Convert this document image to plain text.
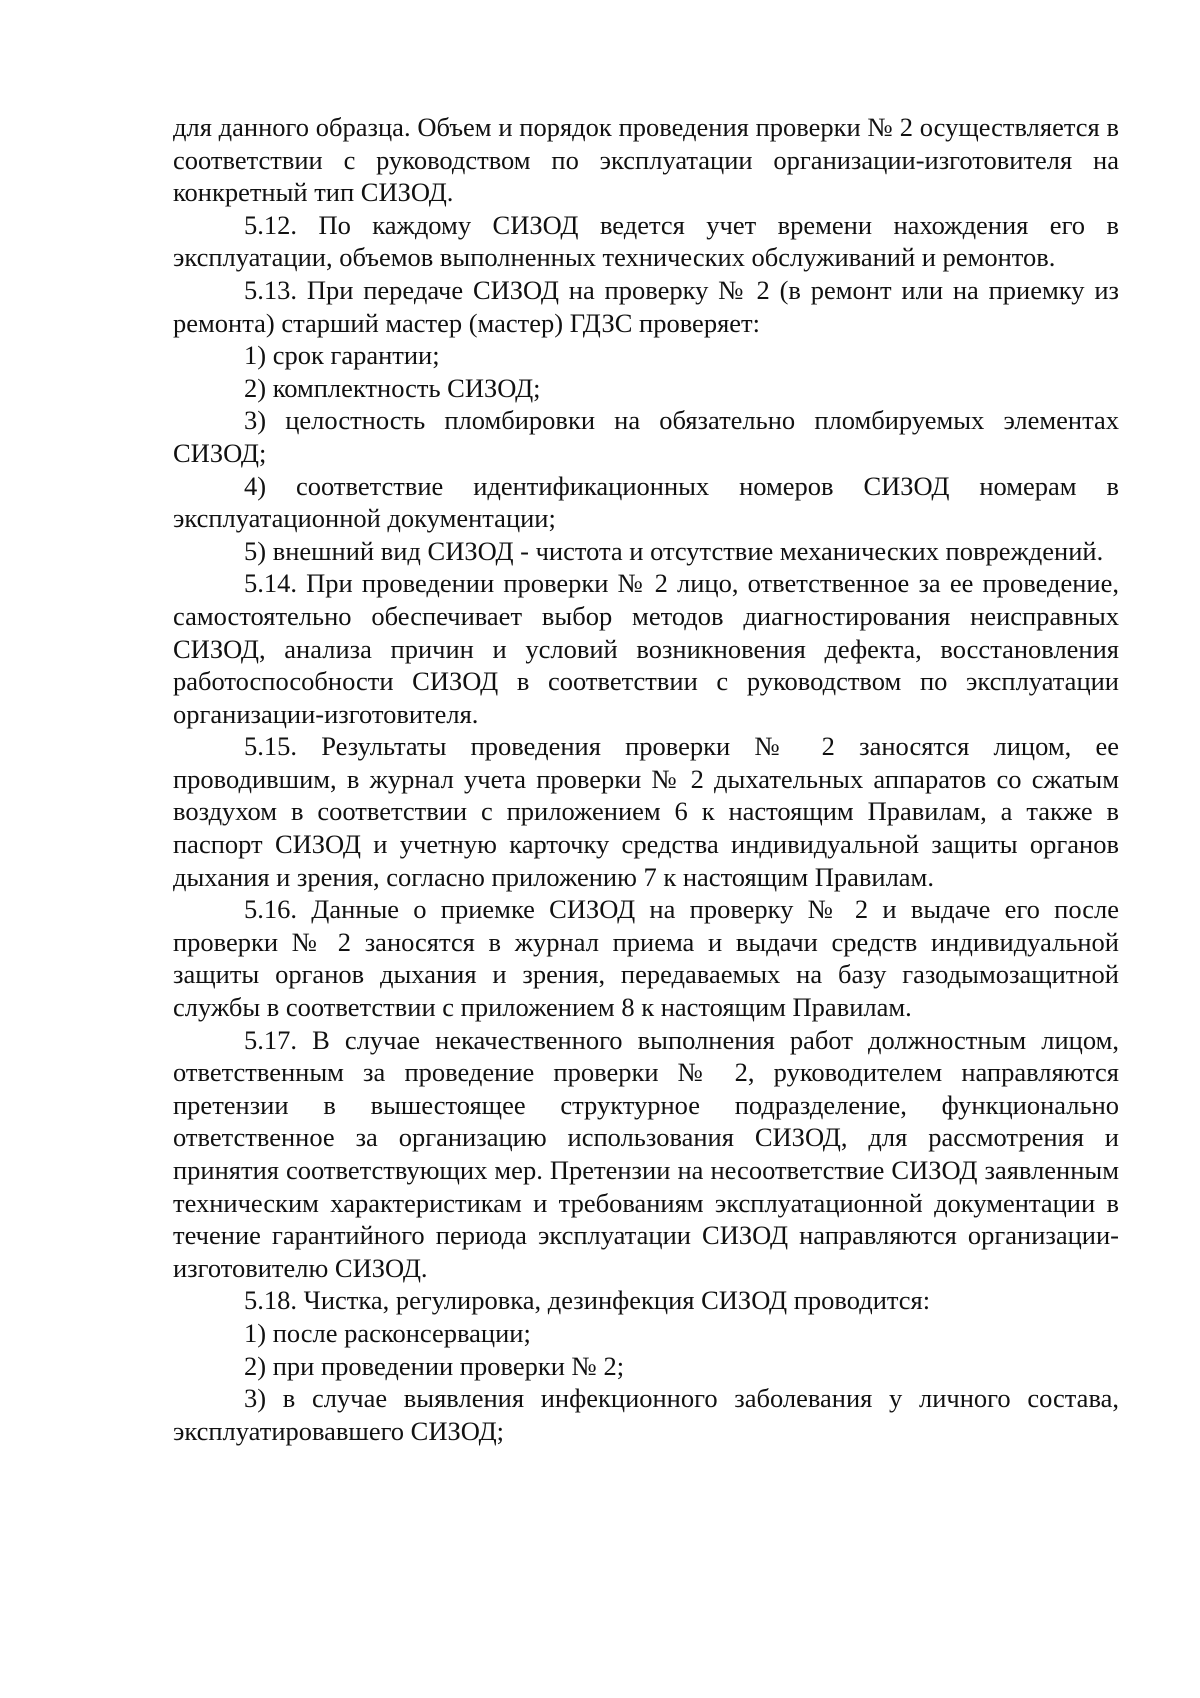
для данного образца. Объем и порядок проведения проверки № 2 осуществляется в соответствии с руководством по эксплуатации организации-изготовителя на конкретный тип СИЗОД.

5.12. По каждому СИЗОД ведется учет времени нахождения его в эксплуатации, объемов выполненных технических обслуживаний и ремонтов.

5.13. При передаче СИЗОД на проверку № 2 (в ремонт или на приемку из ремонта) старший мастер (мастер) ГДЗС проверяет:

1) срок гарантии;

2) комплектность СИЗОД;

3) целостность пломбировки на обязательно пломбируемых элементах СИЗОД;

4) соответствие идентификационных номеров СИЗОД номерам в эксплуатационной документации;

5) внешний вид СИЗОД - чистота и отсутствие механических повреждений.

5.14. При проведении проверки № 2 лицо, ответственное за ее проведение, самостоятельно обеспечивает выбор методов диагностирования неисправных СИЗОД, анализа причин и условий возникновения дефекта, восстановления работоспособности СИЗОД в соответствии с руководством по эксплуатации организации-изготовителя.

5.15. Результаты проведения проверки № 2 заносятся лицом, ее проводившим, в журнал учета проверки № 2 дыхательных аппаратов со сжатым воздухом в соответствии с приложением 6 к настоящим Правилам, а также в паспорт СИЗОД и учетную карточку средства индивидуальной защиты органов дыхания и зрения, согласно приложению 7 к настоящим Правилам.

5.16. Данные о приемке СИЗОД на проверку № 2 и выдаче его после проверки № 2 заносятся в журнал приема и выдачи средств индивидуальной защиты органов дыхания и зрения, передаваемых на базу газодымозащитной службы в соответствии с приложением 8 к настоящим Правилам.

5.17. В случае некачественного выполнения работ должностным лицом, ответственным за проведение проверки № 2, руководителем направляются претензии в вышестоящее структурное подразделение, функционально ответственное за организацию использования СИЗОД, для рассмотрения и принятия соответствующих мер. Претензии на несоответствие СИЗОД заявленным техническим характеристикам и требованиям эксплуатационной документации в течение гарантийного периода эксплуатации СИЗОД направляются организации-изготовителю СИЗОД.

5.18. Чистка, регулировка, дезинфекция СИЗОД проводится:

1) после расконсервации;

2) при проведении проверки № 2;

3) в случае выявления инфекционного заболевания у личного состава, эксплуатировавшего СИЗОД;
